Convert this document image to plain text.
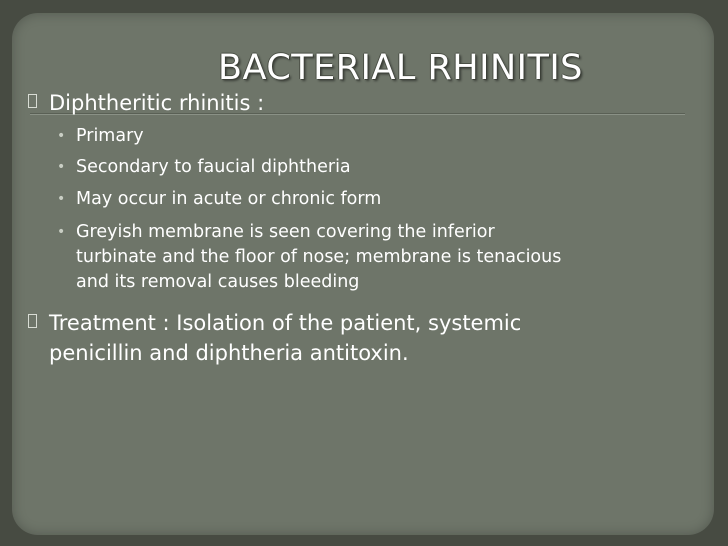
BACTERIAL RHINITIS
Diphtheritic rhinitis :
• Primary
• Secondary to faucial diphtheria
• May occur in acute or chronic form
• Greyish membrane is seen covering the inferior
turbinate and the floor of nose; membrane is tenacious
and its removal causes bleeding
Treatment : Isolation of the patient, systemic
penicillin and diphtheria antitoxin.
